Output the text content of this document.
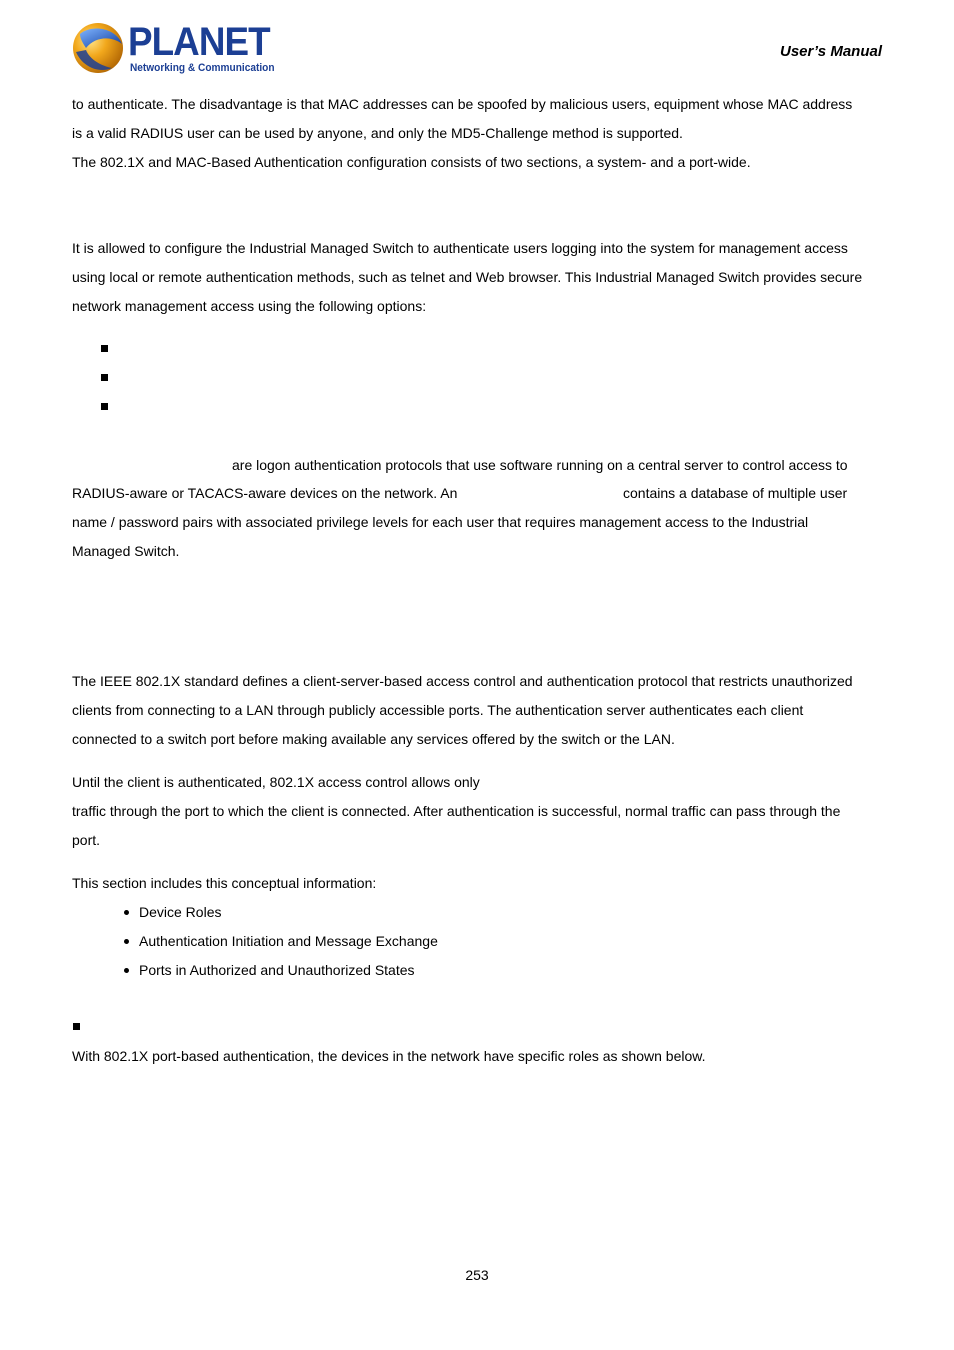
PLANET
Networking & Communication
User’s Manual
to authenticate. The disadvantage is that MAC addresses can be spoofed by malicious users, equipment whose MAC address
is a valid RADIUS user can be used by anyone, and only the MD5-Challenge method is supported.
The 802.1X and MAC-Based Authentication configuration consists of two sections, a system- and a port-wide.
It is allowed to configure the Industrial Managed Switch to authenticate users logging into the system for management access
using local or remote authentication methods, such as telnet and Web browser. This Industrial Managed Switch provides secure
network management access using the following options:
are logon authentication protocols that use software running on a central server to control access to
RADIUS-aware or TACACS-aware devices on the network. An	contains a database of multiple user
name / password pairs with associated privilege levels for each user that requires management access to the Industrial
Managed Switch.
The IEEE 802.1X standard defines a client-server-based access control and authentication protocol that restricts unauthorized
clients from connecting to a LAN through publicly accessible ports. The authentication server authenticates each client
connected to a switch port before making available any services offered by the switch or the LAN.
Until the client is authenticated, 802.1X access control allows only
traffic through the port to which the client is connected. After authentication is successful, normal traffic can pass through the
port.
This section includes this conceptual information:
Device Roles
Authentication Initiation and Message Exchange
Ports in Authorized and Unauthorized States
With 802.1X port-based authentication, the devices in the network have specific roles as shown below.
253
